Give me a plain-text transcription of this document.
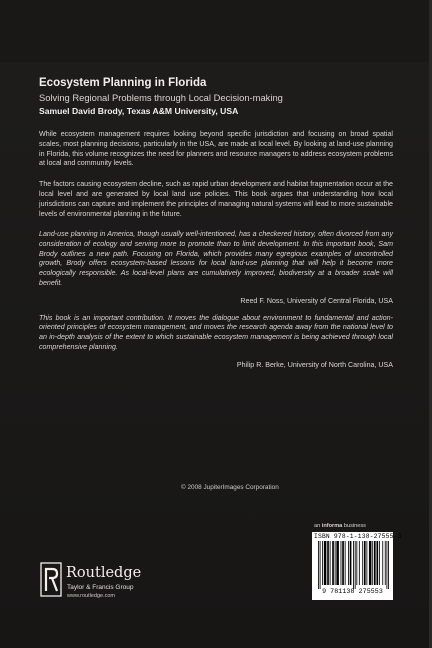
Ecosystem Planning in Florida
Solving Regional Problems through Local Decision-making
Samuel David Brody, Texas A&M University, USA

While ecosystem management requires looking beyond specific jurisdiction and focusing on broad spatial scales, most planning decisions, particularly in the USA, are made at local level. By looking at land-use planning in Florida, this volume recognizes the need for planners and resource managers to address ecosystem problems at local and community levels.

The factors causing ecosystem decline, such as rapid urban development and habitat fragmentation occur at the local level and are generated by local land use policies. This book argues that understanding how local jurisdictions can capture and implement the principles of managing natural systems will lead to more sustainable levels of environmental planning in the future.

Land-use planning in America, though usually well-intentioned, has a checkered history, often divorced from any consideration of ecology and serving more to promote than to limit development. In this important book, Sam Brody outlines a new path. Focusing on Florida, which provides many egregious examples of uncontrolled growth, Brody offers ecosystem-based lessons for local land-use planning that will help it become more ecologically responsible. As local-level plans are cumulatively improved, biodiversity at a broader scale will benefit.

Reed F. Noss, University of Central Florida, USA

This book is an important contribution. It moves the dialogue about environment to fundamental and action-oriented principles of ecosystem management, and moves the research agenda away from the national level to an in-depth analysis of the extent to which sustainable ecosystem management is being achieved through local comprehensive planning.

Philip R. Berke, University of North Carolina, USA
© 2008 JupiterImages Corporation
an informa business
ISBN 978-1-138-27555-3
9 781138 275553
Routledge
Taylor & Francis Group
www.routledge.com
